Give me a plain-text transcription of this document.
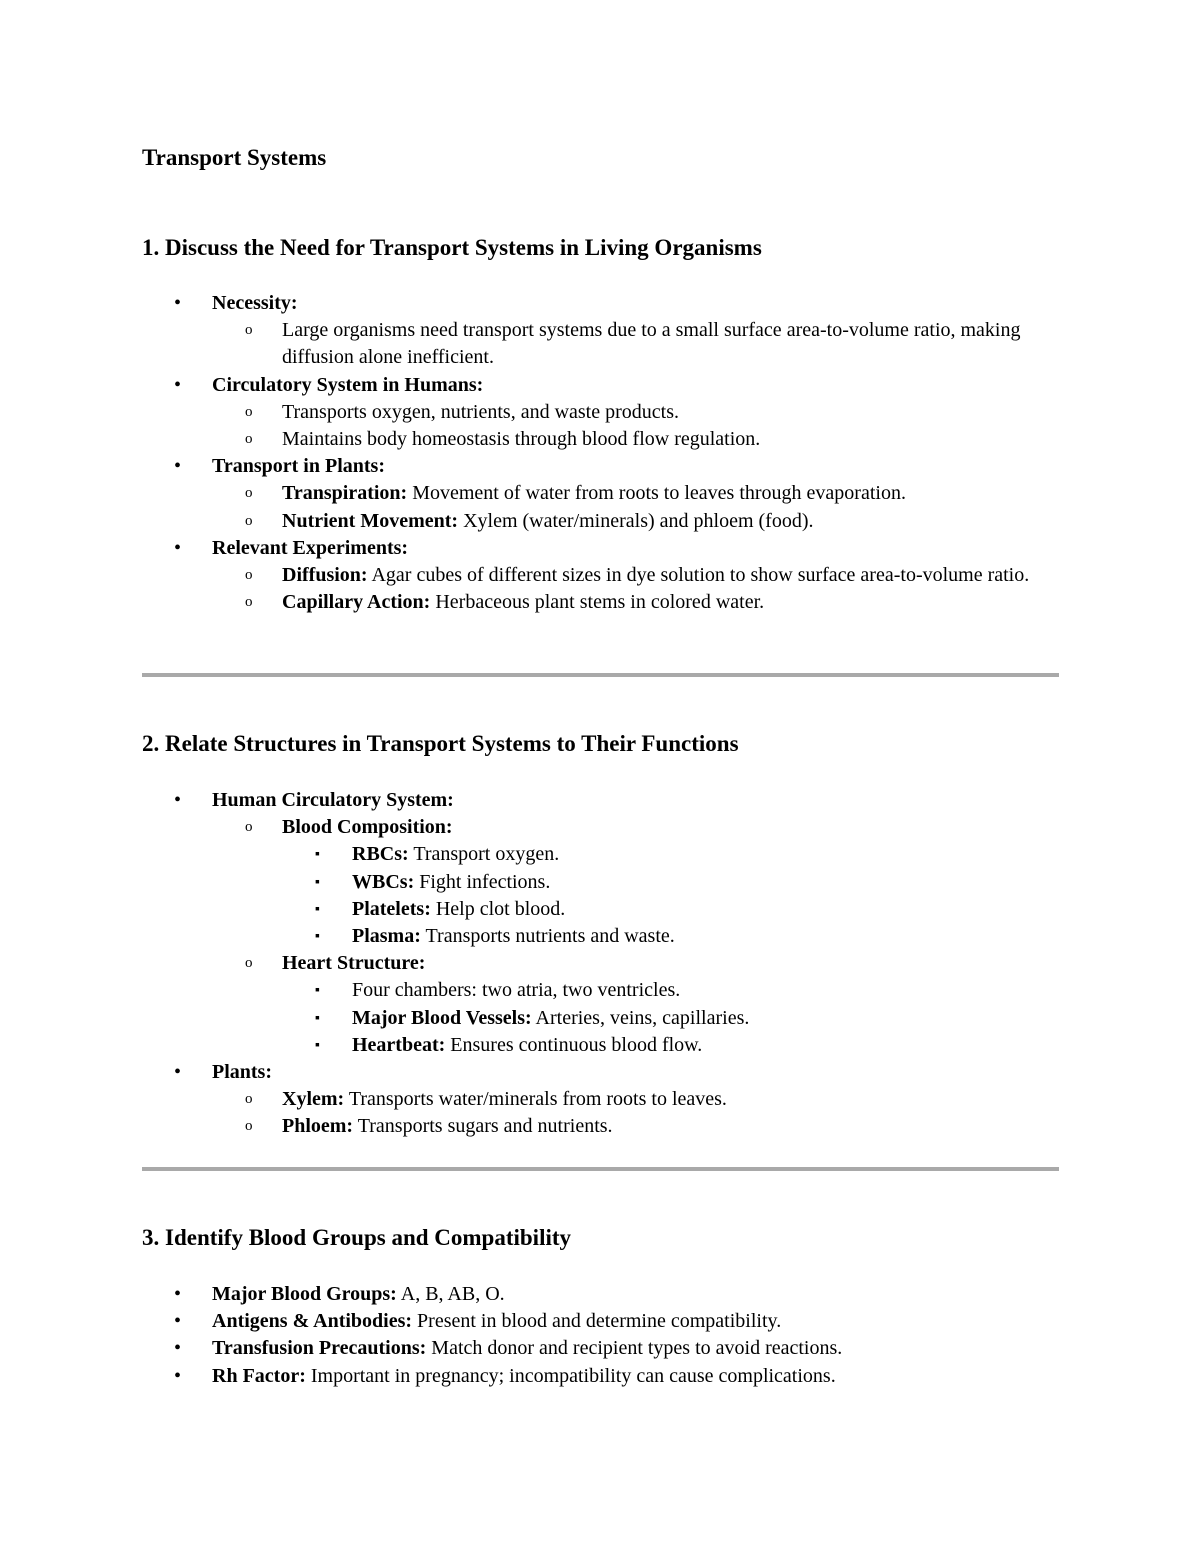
Transport Systems
1. Discuss the Need for Transport Systems in Living Organisms
•	Necessity:
o	Large organisms need transport systems due to a small surface area-to-volume ratio, making diffusion alone inefficient.
•	Circulatory System in Humans:
o	Transports oxygen, nutrients, and waste products.
o	Maintains body homeostasis through blood flow regulation.
•	Transport in Plants:
o	Transpiration: Movement of water from roots to leaves through evaporation.
o	Nutrient Movement: Xylem (water/minerals) and phloem (food).
•	Relevant Experiments:
o	Diffusion: Agar cubes of different sizes in dye solution to show surface area-to-volume ratio.
o	Capillary Action: Herbaceous plant stems in colored water.
2. Relate Structures in Transport Systems to Their Functions
•	Human Circulatory System:
o	Blood Composition:
▪	RBCs: Transport oxygen.
▪	WBCs: Fight infections.
▪	Platelets: Help clot blood.
▪	Plasma: Transports nutrients and waste.
o	Heart Structure:
▪	Four chambers: two atria, two ventricles.
▪	Major Blood Vessels: Arteries, veins, capillaries.
▪	Heartbeat: Ensures continuous blood flow.
•	Plants:
o	Xylem: Transports water/minerals from roots to leaves.
o	Phloem: Transports sugars and nutrients.
3. Identify Blood Groups and Compatibility
•	Major Blood Groups: A, B, AB, O.
•	Antigens & Antibodies: Present in blood and determine compatibility.
•	Transfusion Precautions: Match donor and recipient types to avoid reactions.
•	Rh Factor: Important in pregnancy; incompatibility can cause complications.
